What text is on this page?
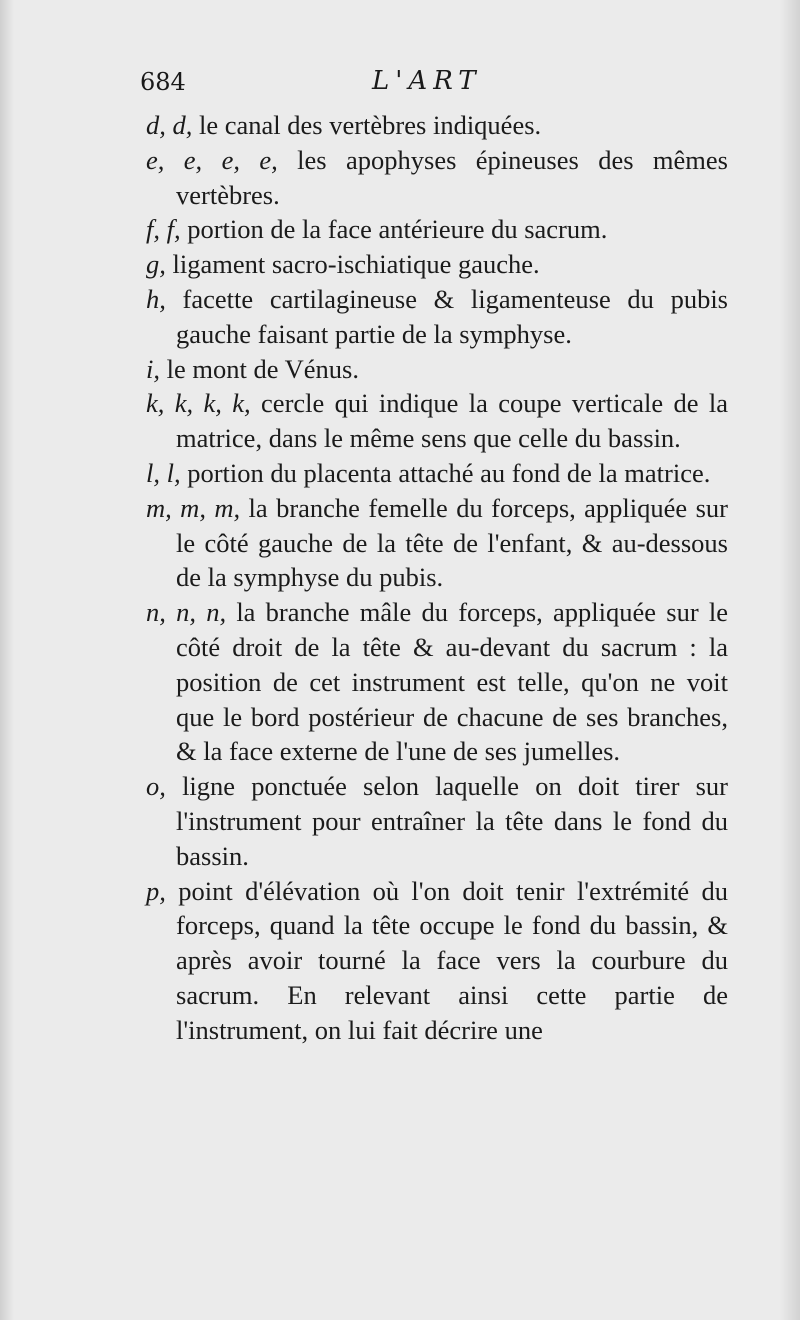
684	L'ART

d, d, le canal des vertèbres indiquées.

e, e, e, e, les apophyses épineuses des mêmes vertèbres.

f, f, portion de la face antérieure du sacrum.

g, ligament sacro-ischiatique gauche.

h, facette cartilagineuse & ligamenteuse du pubis gauche faisant partie de la symphyse.

i, le mont de Vénus.

k, k, k, k, cercle qui indique la coupe verticale de la matrice, dans le même sens que celle du bassin.

l, l, portion du placenta attaché au fond de la matrice.

m, m, m, la branche femelle du forceps, appliquée sur le côté gauche de la tête de l'enfant, & au-dessous de la symphyse du pubis.

n, n, n, la branche mâle du forceps, appliquée sur le côté droit de la tête & au-devant du sacrum : la position de cet instrument est telle, qu'on ne voit que le bord postérieur de chacune de ses branches, & la face externe de l'une de ses jumelles.

o, ligne ponctuée selon laquelle on doit tirer sur l'instrument pour entraîner la tête dans le fond du bassin.

p, point d'élévation où l'on doit tenir l'extrémité du forceps, quand la tête occupe le fond du bassin, & après avoir tourné la face vers la courbure du sacrum. En relevant ainsi cette partie de l'instrument, on lui fait décrire une
